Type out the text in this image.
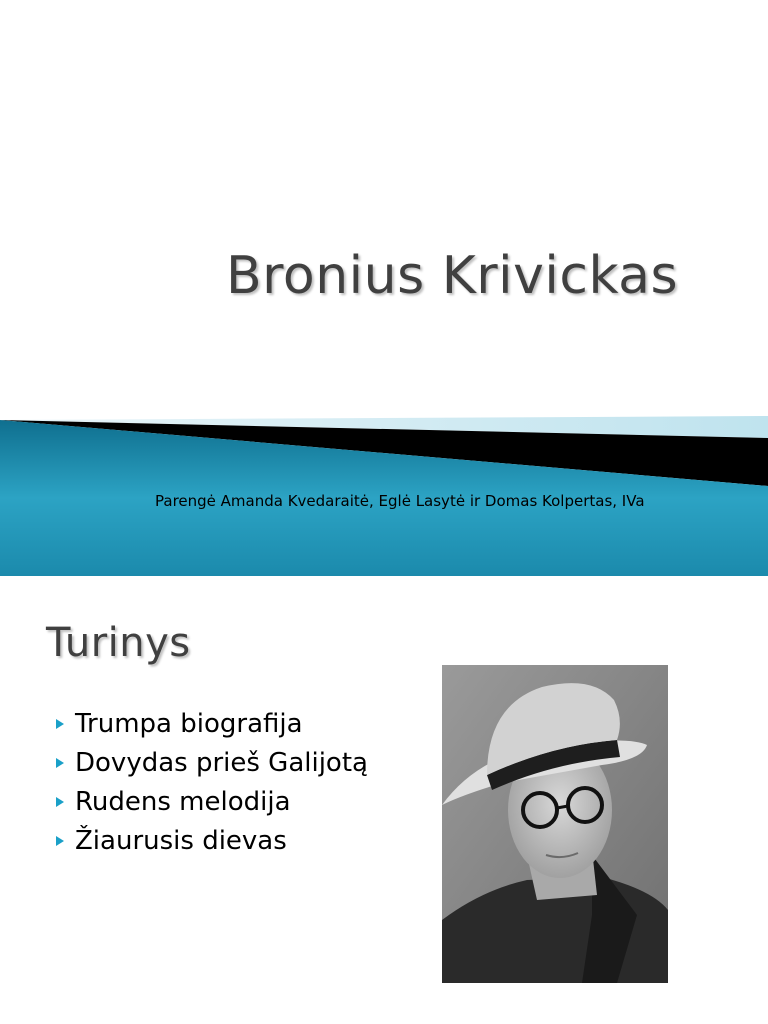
Bronius Krivickas
Parengė Amanda Kvedaraitė, Eglė Lasytė ir Domas Kolpertas, IVa
Turinys
Trumpa biografija
Dovydas prieš Galijotą
Rudens melodija
Žiaurusis dievas
